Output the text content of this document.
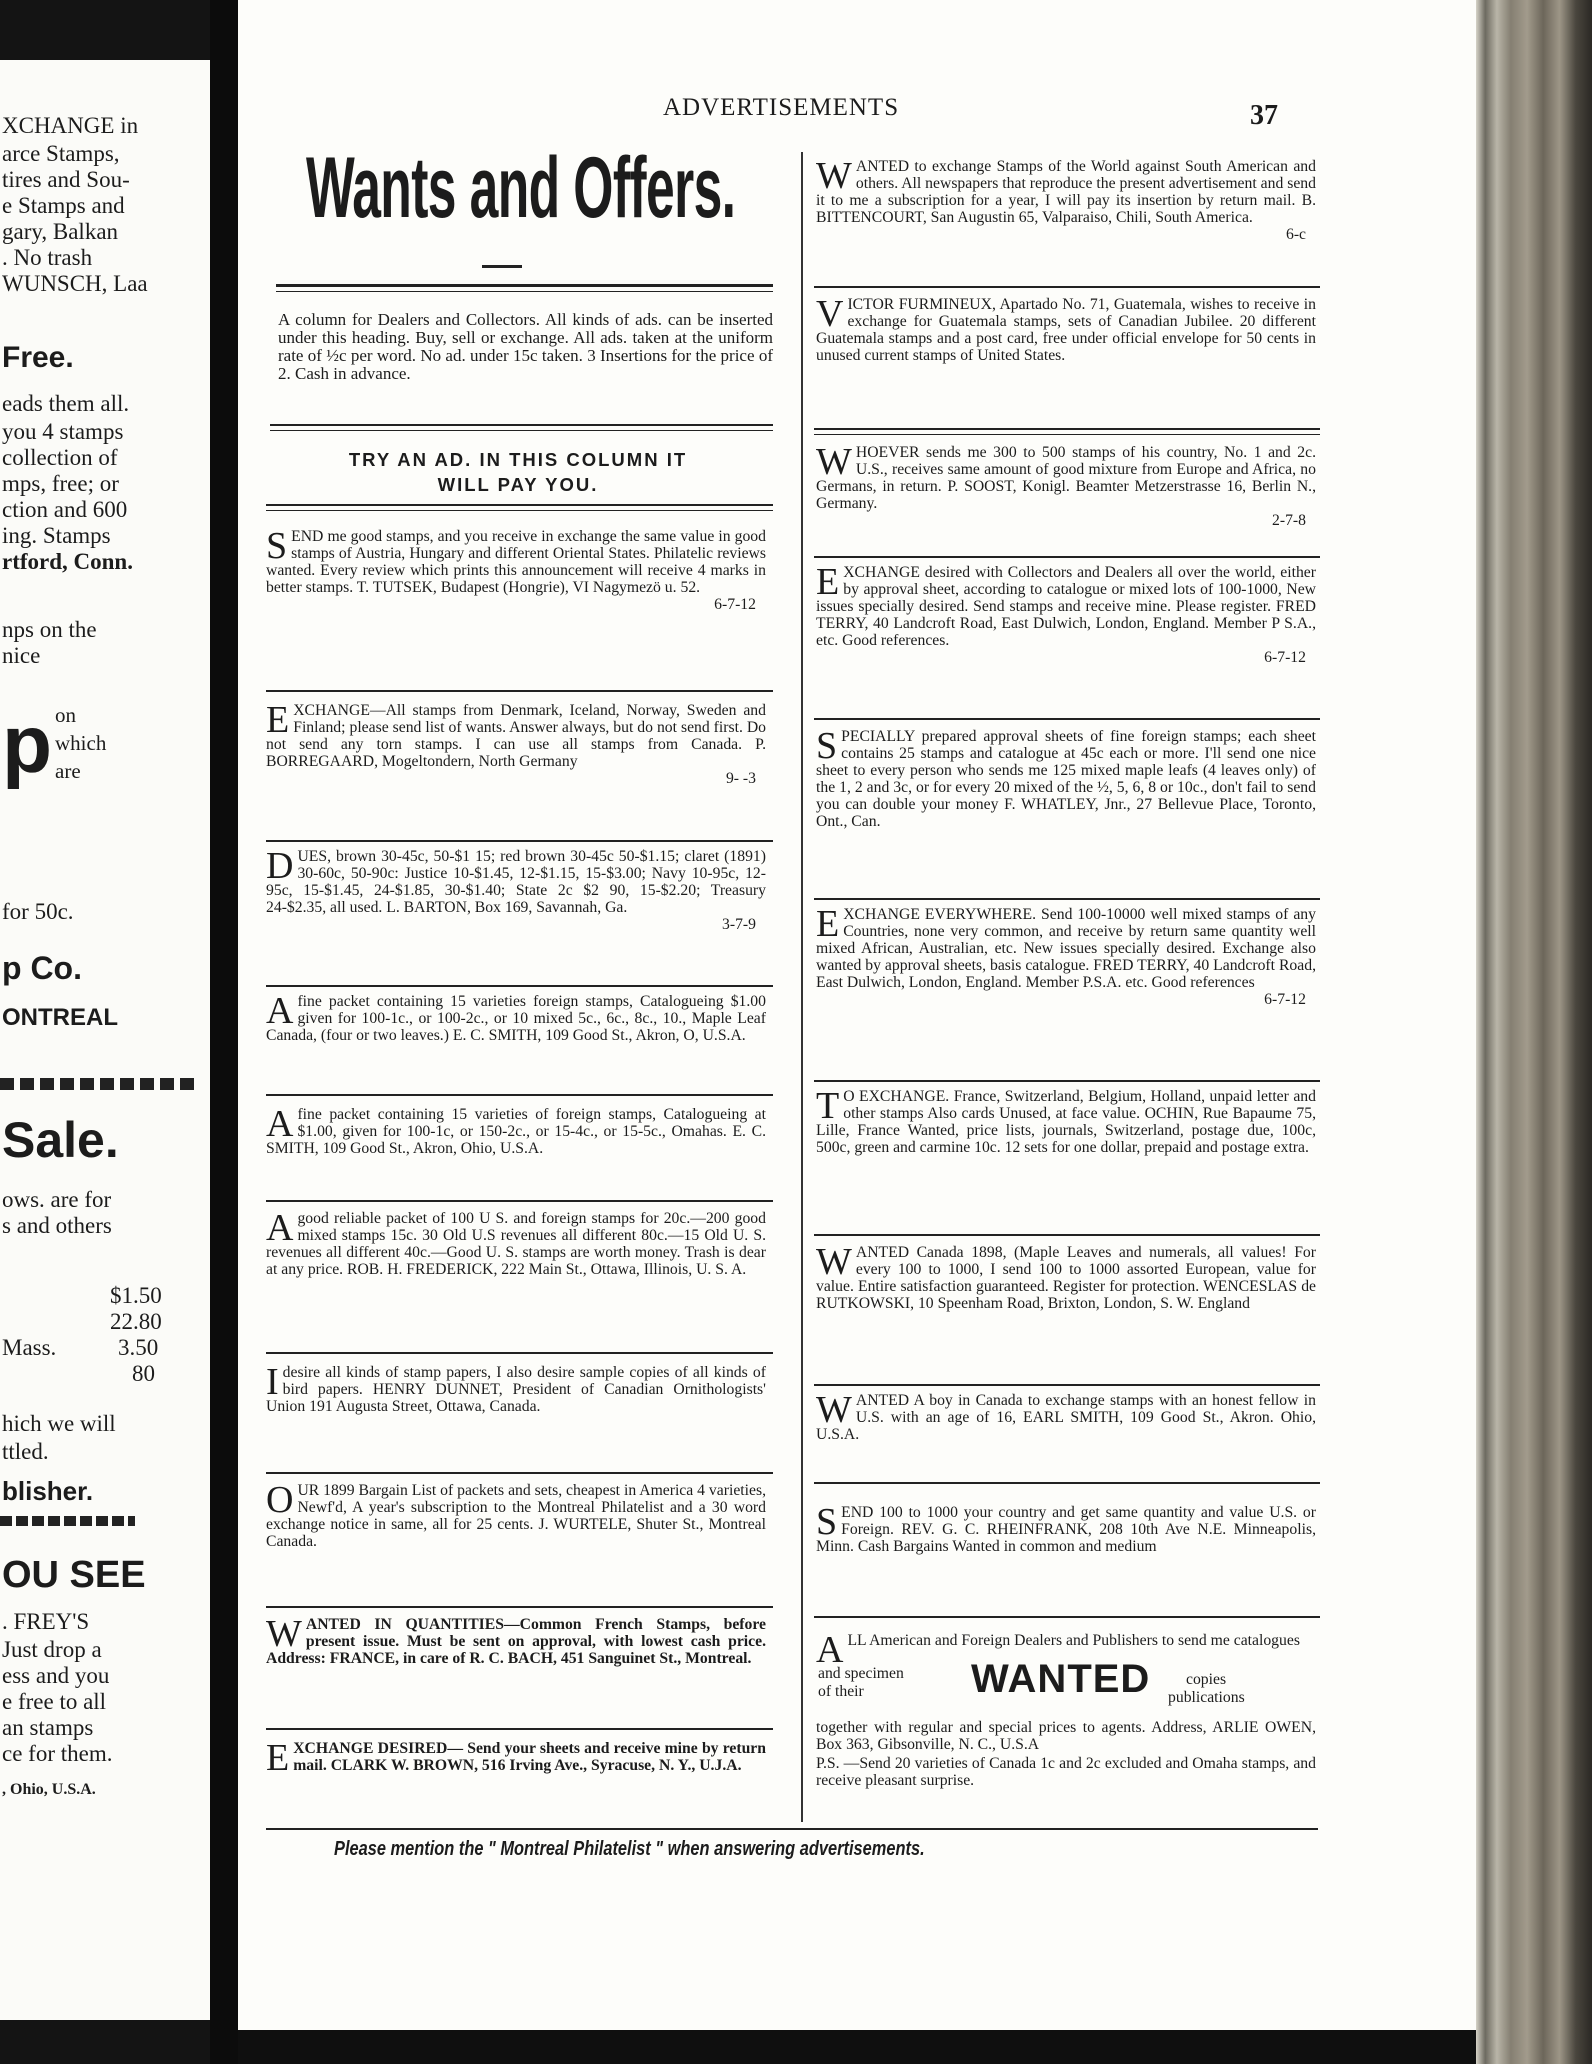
XCHANGE in
arce Stamps,
tires and Sou-
e Stamps and
gary, Balkan
. No trash
WUNSCH, Laa
Free.
eads them all.
you 4 stamps
collection of
mps, free; or
ction and 600
ing. Stamps
rtford, Conn.
nps on the
nice
p on
which
are
for 50c.
p Co.
ONTREAL
Sale.
ows. are for
s and others
$1.50
22.80
Mass.	3.50
80
hich we will
ttled.
blisher.
OU SEE
. FREY'S
Just drop a
ess and you
e free to all
an stamps
ce for them.
, Ohio, U.S.A.
ADVERTISEMENTS	37
Wants and Offers.
A column for Dealers and Collectors. All kinds of ads. can be inserted under this heading. Buy, sell or exchange. All ads. taken at the uniform rate of ½c per word. No ad. under 15c taken. 3 Insertions for the price of 2. Cash in advance.
TRY AN AD. IN THIS COLUMN IT
WILL PAY YOU.
SEND me good stamps, and you receive in exchange the same value in good stamps of Austria, Hungary and different Oriental States. Philatelic reviews wanted. Every review which prints this announcement will receive 4 marks in better stamps. T. TUTSEK, Budapest (Hongrie), VI Nagymezö u. 52.
6-7-12
EXCHANGE—All stamps from Denmark, Iceland, Norway, Sweden and Finland; please send list of wants. Answer always, but do not send first. Do not send any torn stamps. I can use all stamps from Canada. P. BORREGAARD, Mogeltondern, North Germany
9- -3
DUES, brown 30-45c, 50-$1 15; red brown 30-45c 50-$1.15; claret (1891) 30-60c, 50-90c: Justice 10-$1.45, 12-$1.15, 15-$3.00; Navy 10-95c, 12-95c, 15-$1.45, 24-$1.85, 30-$1.40; State 2c $2 90, 15-$2.20; Treasury 24-$2.35, all used. L. BARTON, Box 169, Savannah, Ga.
3-7-9
A fine packet containing 15 varieties foreign stamps, Catalogueing $1.00 given for 100-1c., or 100-2c., or 10 mixed 5c., 6c., 8c., 10., Maple Leaf Canada, (four or two leaves.) E. C. SMITH, 109 Good St., Akron, O, U.S.A.
A fine packet containing 15 varieties of foreign stamps, Catalogueing at $1.00, given for 100-1c, or 150-2c., or 15-4c., or 15-5c., Omahas. E. C. SMITH, 109 Good St., Akron, Ohio, U.S.A.
A good reliable packet of 100 U S. and foreign stamps for 20c.—200 good mixed stamps 15c. 30 Old U.S revenues all different 80c.—15 Old U. S. revenues all different 40c.—Good U. S. stamps are worth money. Trash is dear at any price. ROB. H. FREDERICK, 222 Main St., Ottawa, Illinois, U. S. A.
I desire all kinds of stamp papers, I also desire sample copies of all kinds of bird papers. HENRY DUNNET, President of Canadian Ornithologists' Union 191 Augusta Street, Ottawa, Canada.
OUR 1899 Bargain List of packets and sets, cheapest in America 4 varieties, Newf'd, A year's subscription to the Montreal Philatelist and a 30 word exchange notice in same, all for 25 cents. J. WURTELE, Shuter St., Montreal Canada.
WANTED IN QUANTITIES—Common French Stamps, before present issue. Must be sent on approval, with lowest cash price. Address: FRANCE, in care of R. C. BACH, 451 Sanguinet St., Montreal.
EXCHANGE DESIRED— Send your sheets and receive mine by return mail. CLARK W. BROWN, 516 Irving Ave., Syracuse, N. Y., U.J.A.
WANTED to exchange Stamps of the World against South American and others. All newspapers that reproduce the present advertisement and send it to me a subscription for a year, I will pay its insertion by return mail. B. BITTENCOURT, San Augustin 65, Valparaiso, Chili, South America.
6-c
VICTOR FURMINEUX, Apartado No. 71, Guatemala, wishes to receive in exchange for Guatemala stamps, sets of Canadian Jubilee. 20 different Guatemala stamps and a post card, free under official envelope for 50 cents in unused current stamps of United States.
WHOEVER sends me 300 to 500 stamps of his country, No. 1 and 2c. U.S., receives same amount of good mixture from Europe and Africa, no Germans, in return. P. SOOST, Konigl. Beamter Metzerstrasse 16, Berlin N., Germany.
2-7-8
EXCHANGE desired with Collectors and Dealers all over the world, either by approval sheet, according to catalogue or mixed lots of 100-1000, New issues specially desired. Send stamps and receive mine. Please register. FRED TERRY, 40 Landcroft Road, East Dulwich, London, England. Member P S.A., etc. Good references.
6-7-12
SPECIALLY prepared approval sheets of fine foreign stamps; each sheet contains 25 stamps and catalogue at 45c each or more. I'll send one nice sheet to every person who sends me 125 mixed maple leafs (4 leaves only) of the 1, 2 and 3c, or for every 20 mixed of the ½, 5, 6, 8 or 10c., don't fail to send you can double your money F. WHATLEY, Jnr., 27 Bellevue Place, Toronto, Ont., Can.
EXCHANGE EVERYWHERE. Send 100-10000 well mixed stamps of any Countries, none very common, and receive by return same quantity well mixed African, Australian, etc. New issues specially desired. Exchange also wanted by approval sheets, basis catalogue. FRED TERRY, 40 Landcroft Road, East Dulwich, London, England. Member P.S.A. etc. Good references
6-7-12
T O EXCHANGE. France, Switzerland, Belgium, Holland, unpaid letter and other stamps Also cards Unused, at face value. OCHIN, Rue Bapaume 75, Lille, France Wanted, price lists, journals, Switzerland, postage due, 100c, 500c, green and carmine 10c. 12 sets for one dollar, prepaid and postage extra.
WANTED Canada 1898, (Maple Leaves and numerals, all values! For every 100 to 1000, I send 100 to 1000 assorted European, value for value. Entire satisfaction guaranteed. Register for protection. WENCESLAS de RUTKOWSKI, 10 Speenham Road, Brixton, London, S. W. England
WANTED A boy in Canada to exchange stamps with an honest fellow in U.S. with an age of 16, EARL SMITH, 109 Good St., Akron. Ohio, U.S.A.
SEND 100 to 1000 your country and get same quantity and value U.S. or Foreign. REV. G. C. RHEINFRANK, 208 10th Ave N.E. Minneapolis, Minn. Cash Bargains Wanted in common and medium
ALL American and Foreign Dealers and Publishers to send me catalogues
and specimen
of their	WANTED copies
publications
together with regular and special prices to agents. Address, ARLIE OWEN, Box 363, Gibsonville, N. C., U.S.A
P.S. —Send 20 varieties of Canada 1c and 2c excluded and Omaha stamps, and receive pleasant surprise.
Please mention the " Montreal Philatelist " when answering advertisements.
